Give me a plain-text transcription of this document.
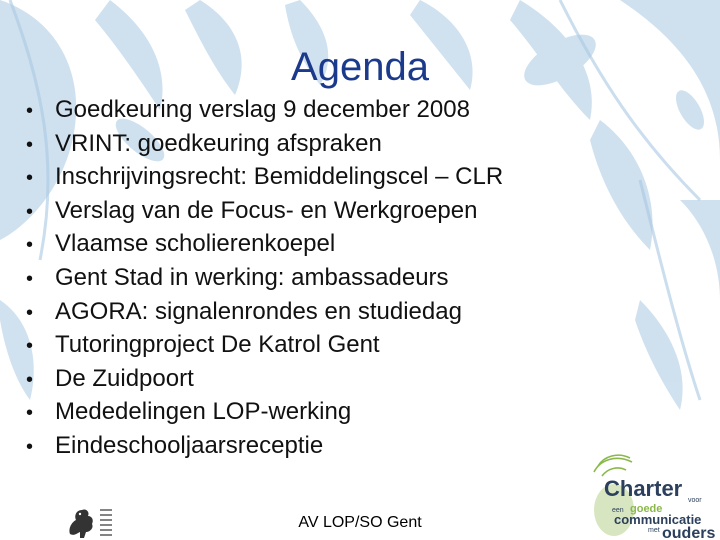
Agenda
• Goedkeuring verslag 9 december 2008
• VRINT: goedkeuring afspraken
• Inschrijvingsrecht: Bemiddelingscel – CLR
• Verslag van de Focus- en Werkgroepen
• Vlaamse scholierenkoepel
• Gent Stad in werking: ambassadeurs
• AGORA: signalenrondes en studiedag
• Tutoringproject De Katrol Gent
• De Zuidpoort
• Mededelingen LOP-werking
• Eindeschooljaarsreceptie
AV LOP/SO Gent
Charter voor
een goede
communicatie
met ouders
